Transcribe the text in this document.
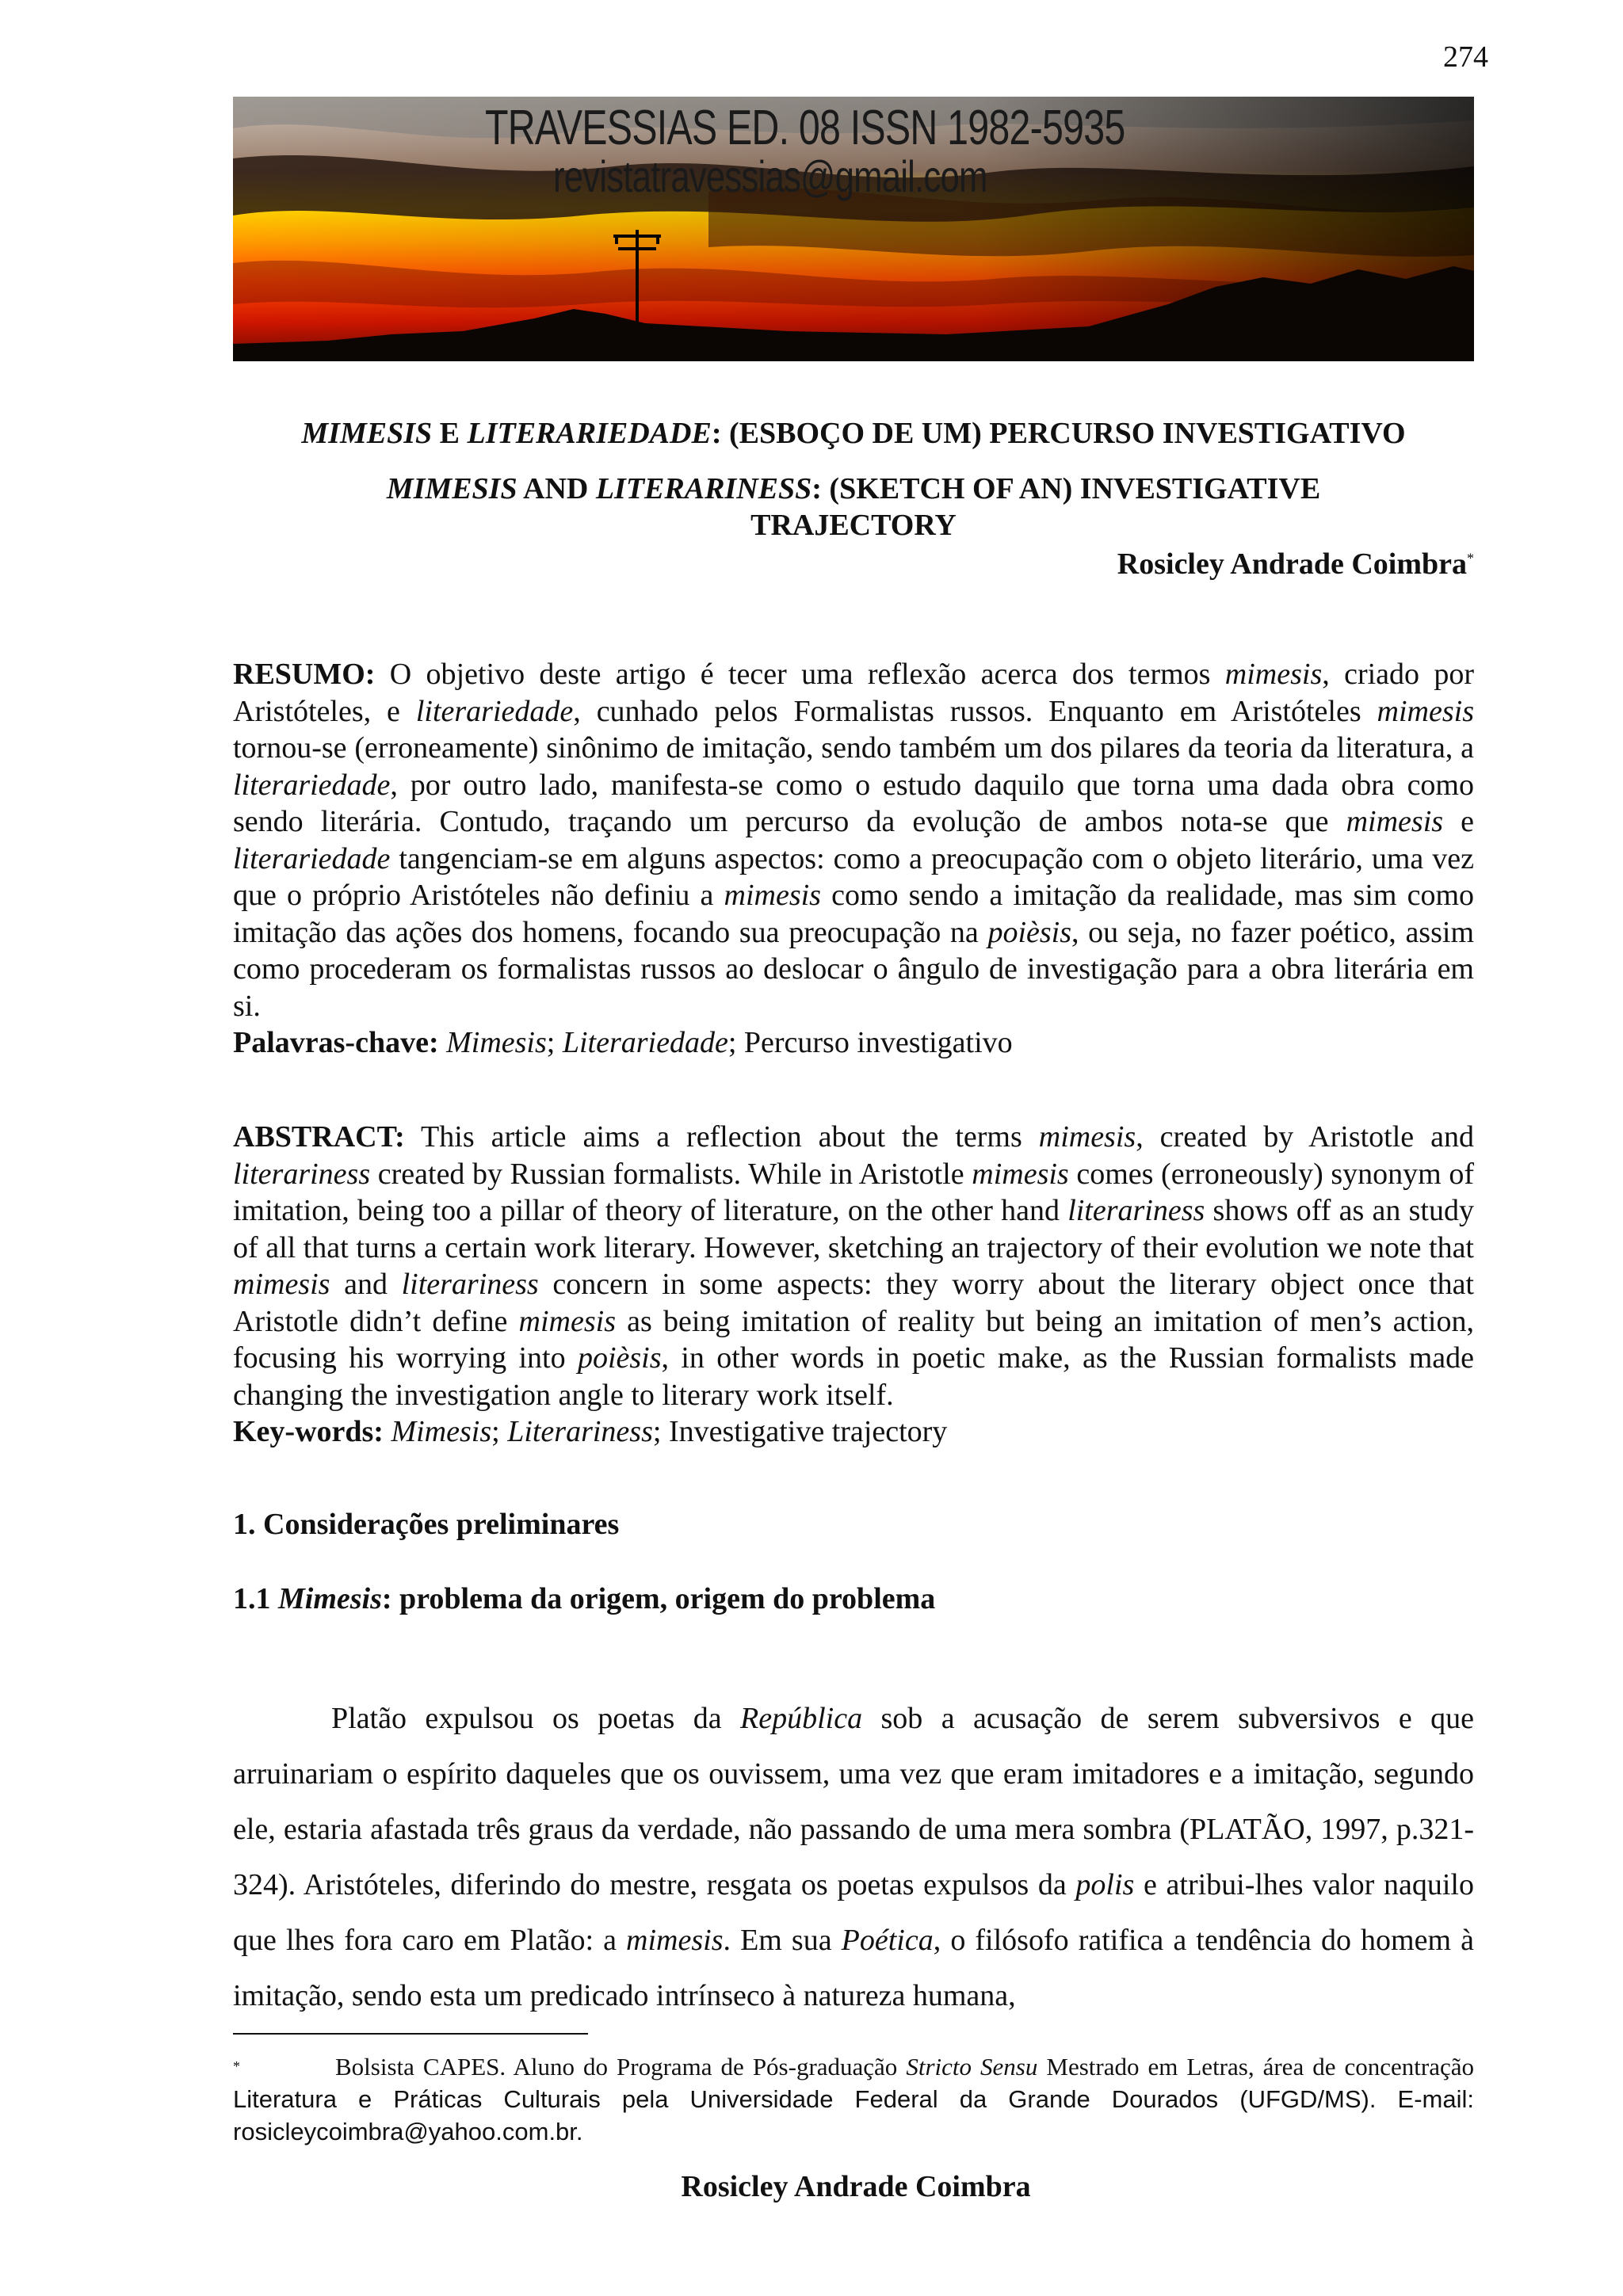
274
TRAVESSIAS ED. 08 ISSN 1982-5935
revistatravessias@gmail.com

MIMESIS E LITERARIEDADE: (ESBOÇO DE UM) PERCURSO INVESTIGATIVO

MIMESIS AND LITERARINESS: (SKETCH OF AN) INVESTIGATIVE TRAJECTORY

Rosicley Andrade Coimbra*

RESUMO: O objetivo deste artigo é tecer uma reflexão acerca dos termos mimesis, criado por Aristóteles, e literariedade, cunhado pelos Formalistas russos. Enquanto em Aristóteles mimesis tornou-se (erroneamente) sinônimo de imitação, sendo também um dos pilares da teoria da literatura, a literariedade, por outro lado, manifesta-se como o estudo daquilo que torna uma dada obra como sendo literária. Contudo, traçando um percurso da evolução de ambos nota-se que mimesis e literariedade tangenciam-se em alguns aspectos: como a preocupação com o objeto literário, uma vez que o próprio Aristóteles não definiu a mimesis como sendo a imitação da realidade, mas sim como imitação das ações dos homens, focando sua preocupação na poièsis, ou seja, no fazer poético, assim como procederam os formalistas russos ao deslocar o ângulo de investigação para a obra literária em si.

Palavras-chave: Mimesis; Literariedade; Percurso investigativo

ABSTRACT: This article aims a reflection about the terms mimesis, created by Aristotle and literariness created by Russian formalists. While in Aristotle mimesis comes (erroneously) synonym of imitation, being too a pillar of theory of literature, on the other hand literariness shows off as an study of all that turns a certain work literary. However, sketching an trajectory of their evolution we note that mimesis and literariness concern in some aspects: they worry about the literary object once that Aristotle didn’t define mimesis as being imitation of reality but being an imitation of men’s action, focusing his worrying into poièsis, in other words in poetic make, as the Russian formalists made changing the investigation angle to literary work itself.

Key-words: Mimesis; Literariness; Investigative trajectory

1. Considerações preliminares
1.1 Mimesis: problema da origem, origem do problema

Platão expulsou os poetas da República sob a acusação de serem subversivos e que arruinariam o espírito daqueles que os ouvissem, uma vez que eram imitadores e a imitação, segundo ele, estaria afastada três graus da verdade, não passando de uma mera sombra (PLATÃO, 1997, p.321-324). Aristóteles, diferindo do mestre, resgata os poetas expulsos da polis e atribui-lhes valor naquilo que lhes fora caro em Platão: a mimesis. Em sua Poética, o filósofo ratifica a tendência do homem à imitação, sendo esta um predicado intrínseco à natureza humana,

*	Bolsista CAPES. Aluno do Programa de Pós-graduação Stricto Sensu Mestrado em Letras, área de concentração Literatura e Práticas Culturais pela Universidade Federal da Grande Dourados (UFGD/MS). E-mail: rosicleycoimbra@yahoo.com.br.
Rosicley Andrade Coimbra
